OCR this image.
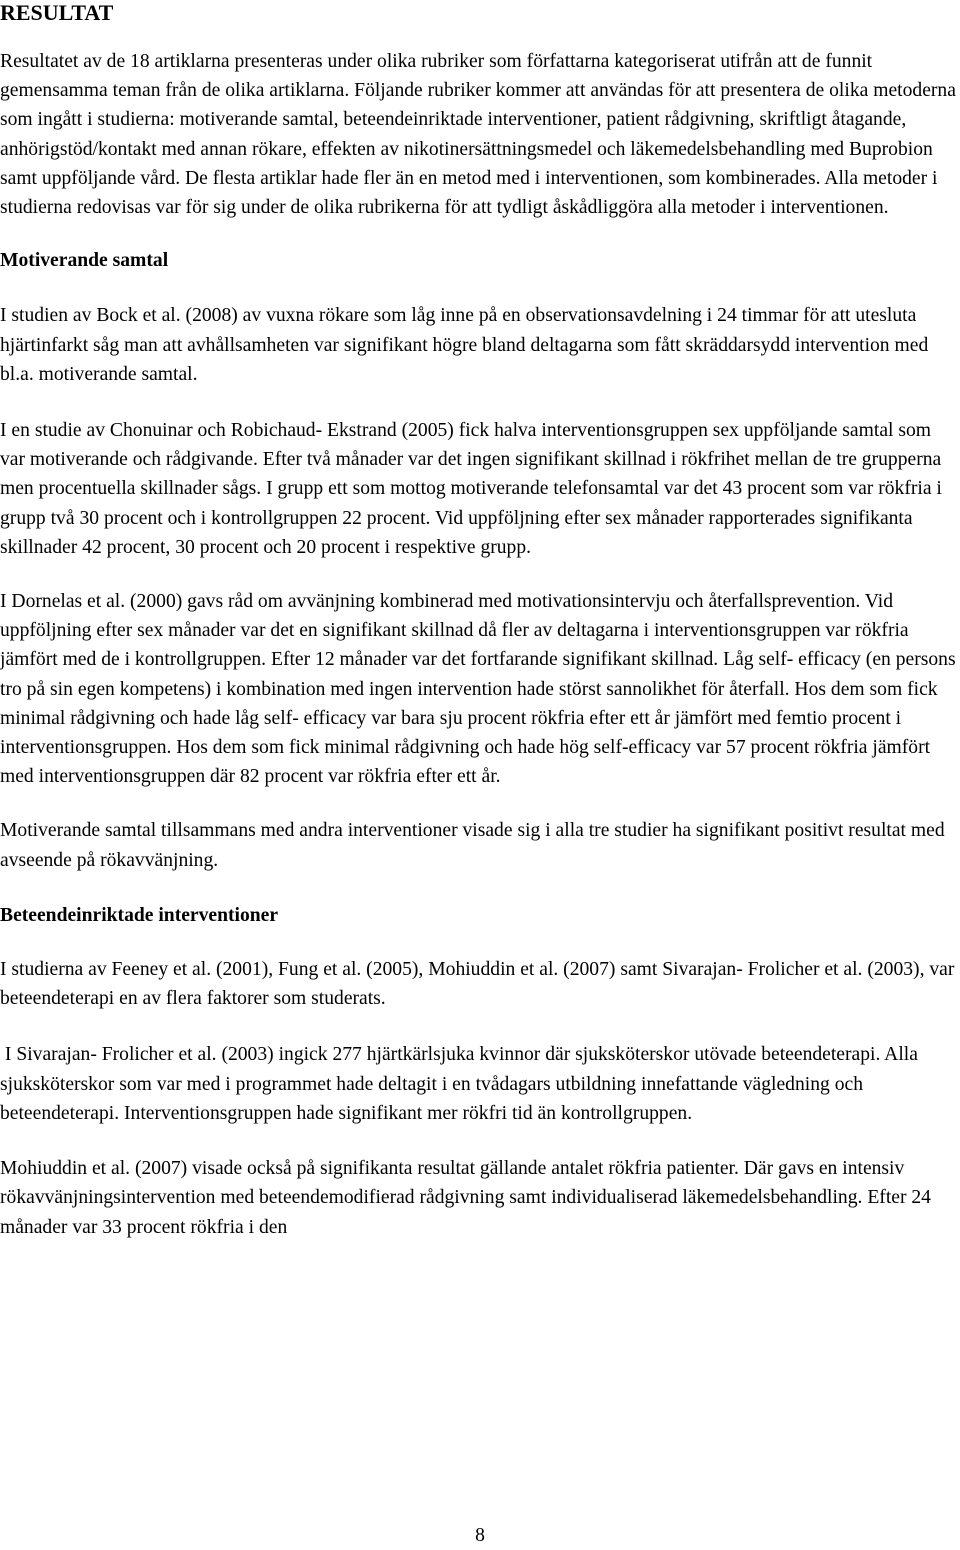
RESULTAT

Resultatet av de 18 artiklarna presenteras under olika rubriker som författarna kategoriserat utifrån att de funnit gemensamma teman från de olika artiklarna. Följande rubriker kommer att användas för att presentera de olika metoderna som ingått i studierna: motiverande samtal, beteendeinriktade interventioner, patient rådgivning, skriftligt åtagande, anhörigstöd/kontakt med annan rökare, effekten av nikotinersättningsmedel och läkemedelsbehandling med Buprobion samt uppföljande vård. De flesta artiklar hade fler än en metod med i interventionen, som kombinerades. Alla metoder i studierna redovisas var för sig under de olika rubrikerna för att tydligt åskådliggöra alla metoder i interventionen.

Motiverande samtal

I studien av Bock et al. (2008) av vuxna rökare som låg inne på en observationsavdelning i 24 timmar för att utesluta hjärtinfarkt såg man att avhållsamheten var signifikant högre bland deltagarna som fått skräddarsydd intervention med bl.a. motiverande samtal.

I en studie av Chonuinar och Robichaud- Ekstrand (2005) fick halva interventionsgruppen sex uppföljande samtal som var motiverande och rådgivande. Efter två månader var det ingen signifikant skillnad i rökfrihet mellan de tre grupperna men procentuella skillnader sågs. I grupp ett som mottog motiverande telefonsamtal var det 43 procent som var rökfria i grupp två 30 procent och i kontrollgruppen 22 procent. Vid uppföljning efter sex månader rapporterades signifikanta skillnader 42 procent, 30 procent och 20 procent i respektive grupp.

I Dornelas et al. (2000) gavs råd om avvänjning kombinerad med motivationsintervju och återfallsprevention. Vid uppföljning efter sex månader var det en signifikant skillnad då fler av deltagarna i interventionsgruppen var rökfria jämfört med de i kontrollgruppen. Efter 12 månader var det fortfarande signifikant skillnad. Låg self- efficacy (en persons tro på sin egen kompetens) i kombination med ingen intervention hade störst sannolikhet för återfall. Hos dem som fick minimal rådgivning och hade låg self- efficacy var bara sju procent rökfria efter ett år jämfört med femtio procent i interventionsgruppen. Hos dem som fick minimal rådgivning och hade hög self-efficacy var 57 procent rökfria jämfört med interventionsgruppen där 82 procent var rökfria efter ett år.

Motiverande samtal tillsammans med andra interventioner visade sig i alla tre studier ha signifikant positivt resultat med avseende på rökavvänjning.

Beteendeinriktade interventioner

I studierna av Feeney et al. (2001), Fung et al. (2005), Mohiuddin et al. (2007) samt Sivarajan- Frolicher et al. (2003), var beteendeterapi en av flera faktorer som studerats.

I Sivarajan- Frolicher et al. (2003) ingick 277 hjärtkärlsjuka kvinnor där sjuksköterskor utövade beteendeterapi. Alla sjuksköterskor som var med i programmet hade deltagit i en tvådagars utbildning innefattande vägledning och beteendeterapi. Interventionsgruppen hade signifikant mer rökfri tid än kontrollgruppen.

Mohiuddin et al. (2007) visade också på signifikanta resultat gällande antalet rökfria patienter. Där gavs en intensiv rökavvänjningsintervention med beteendemodifierad rådgivning samt individualiserad läkemedelsbehandling. Efter 24 månader var 33 procent rökfria i den

8
